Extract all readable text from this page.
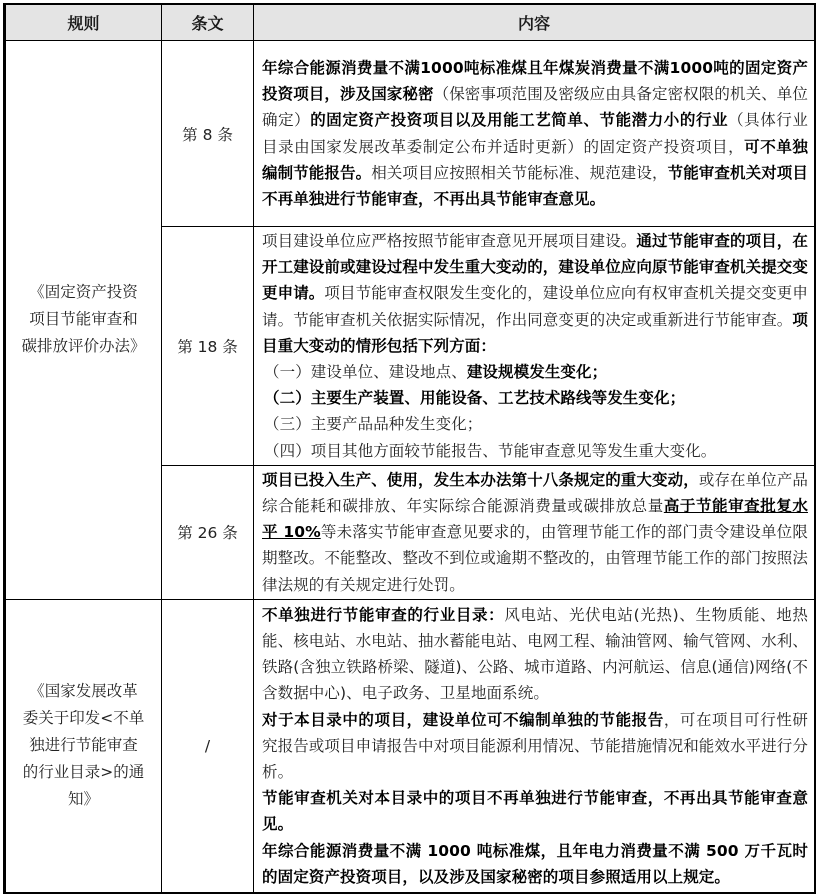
规则	条文	内容
《固定资产投资
项目节能审查和
碳排放评价办法》	第 8 条	年综合能源消费量不满1000吨标准煤且年煤炭消费量不满1000吨的固定资产投资项目，涉及国家秘密（保密事项范围及密级应由具备定密权限的机关、单位确定）的固定资产投资项目以及用能工艺简单、节能潜力小的行业（具体行业目录由国家发展改革委制定公布并适时更新）的固定资产投资项目，可不单独编制节能报告。相关项目应按照相关节能标准、规范建设，节能审查机关对项目不再单独进行节能审查，不再出具节能审查意见。
	第 18 条	项目建设单位应严格按照节能审查意见开展项目建设。通过节能审查的项目，在开工建设前或建设过程中发生重大变动的，建设单位应向原节能审查机关提交变更申请。项目节能审查权限发生变化的，建设单位应向有权审查机关提交变更申请。节能审查机关依据实际情况，作出同意变更的决定或重新进行节能审查。项目重大变动的情形包括下列方面：
（一）建设单位、建设地点、建设规模发生变化；
（二）主要生产装置、用能设备、工艺技术路线等发生变化；
（三）主要产品品种发生变化；
（四）项目其他方面较节能报告、节能审查意见等发生重大变化。

	第 26 条	项目已投入生产、使用，发生本办法第十八条规定的重大变动，或存在单位产品综合能耗和碳排放、年实际综合能源消费量或碳排放总量高于节能审查批复水平 10%等未落实节能审查意见要求的，由管理节能工作的部门责令建设单位限期整改。不能整改、整改不到位或逾期不整改的，由管理节能工作的部门按照法律法规的有关规定进行处罚。
《国家发展改革
委关于印发<不单
独进行节能审查
的行业目录>的通
知》	/	
不单独进行节能审查的行业目录：风电站、光伏电站(光热)、生物质能、地热能、核电站、水电站、抽水蓄能电站、电网工程、输油管网、输气管网、水利、铁路(含独立铁路桥梁、隧道)、公路、城市道路、内河航运、信息(通信)网络(不含数据中心)、电子政务、卫星地面系统。
对于本目录中的项目，建设单位可不编制单独的节能报告，可在项目可行性研究报告或项目申请报告中对项目能源利用情况、节能措施情况和能效水平进行分析。
节能审查机关对本目录中的项目不再单独进行节能审查，不再出具节能审查意见。
年综合能源消费量不满 1000 吨标准煤，且年电力消费量不满 500 万千瓦时的固定资产投资项目，以及涉及国家秘密的项目参照适用以上规定。
